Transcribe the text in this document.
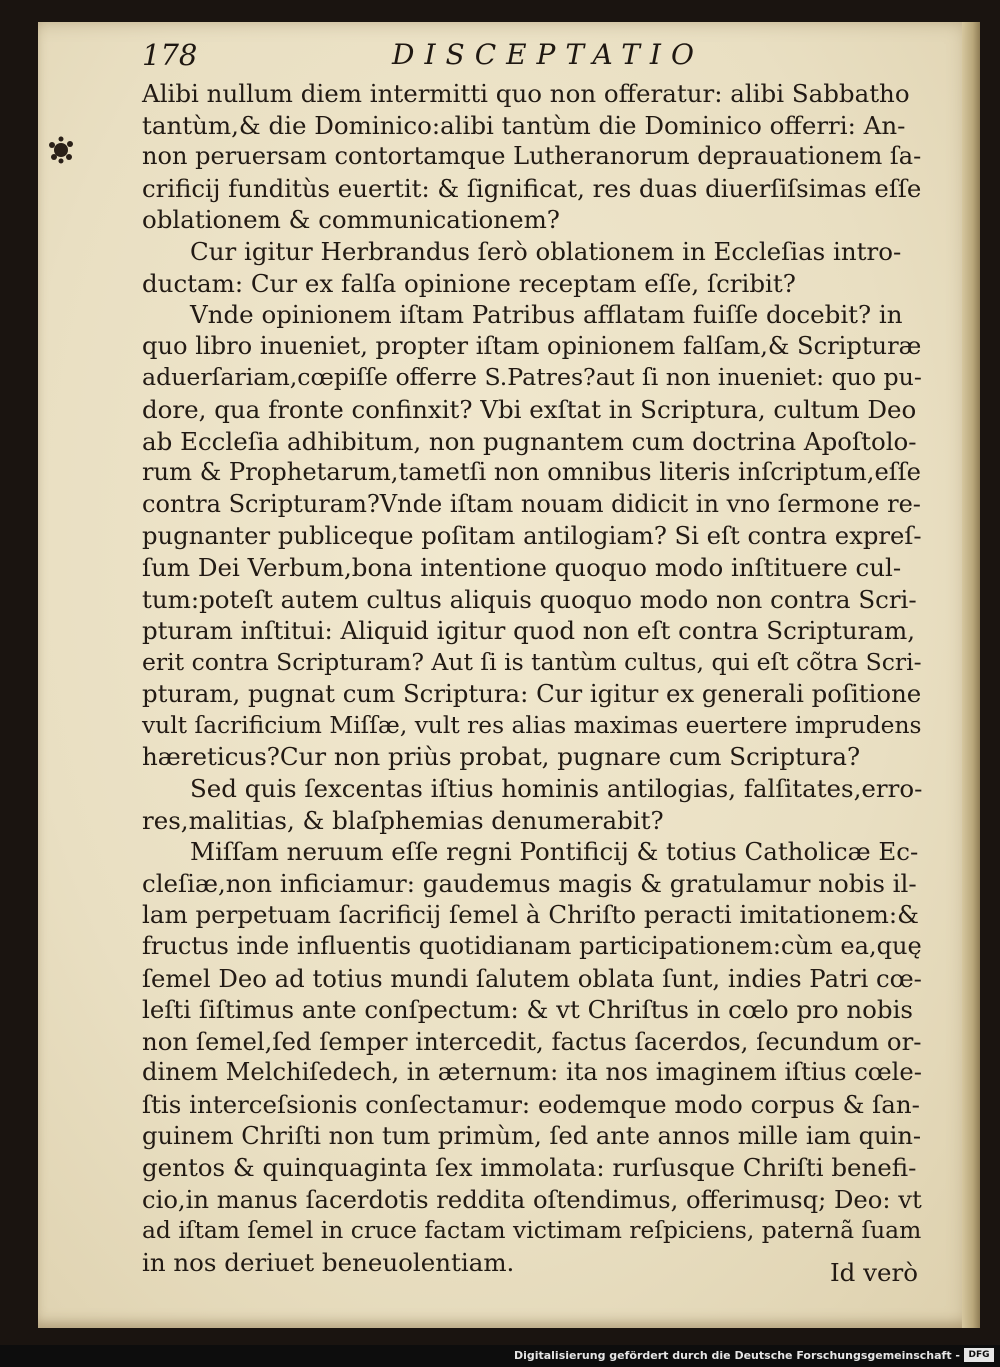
178	DISCEPTATIO
Alibi nullum diem intermitti quo non offeratur: alibi Sabbatho
tantùm,& die Dominico:alibi tantùm die Dominico offerri: An-
non peruersam contortamque Lutheranorum deprauationem ſa-
crificij funditùs euertit: & ſignificat, res duas diuerſiſsimas eſſe
oblationem & communicationem?
Cur igitur Herbrandus ſerò oblationem in Eccleſias intro-
ductam: Cur ex falſa opinione receptam eſſe, ſcribit?
Vnde opinionem iſtam Patribus afflatam fuiſſe docebit? in
quo libro inueniet, propter iſtam opinionem falſam,& Scripturæ
aduerſariam,cœpiſſe offerre S.Patres?aut ſi non inueniet: quo pu-
dore, qua fronte confinxit? Vbi exſtat in Scriptura, cultum Deo
ab Eccleſia adhibitum, non pugnantem cum doctrina Apoſtolo-
rum & Prophetarum,tametſi non omnibus literis inſcriptum,eſſe
contra Scripturam?Vnde iſtam nouam didicit in vno ſermone re-
pugnanter publiceque poſitam antilogiam? Si eſt contra expreſ-
ſum Dei Verbum,bona intentione quoquo modo inſtituere cul-
tum:poteſt autem cultus aliquis quoquo modo non contra Scri-
pturam inſtitui: Aliquid igitur quod non eſt contra Scripturam,
erit contra Scripturam? Aut ſi is tantùm cultus, qui eſt cõtra Scri-
pturam, pugnat cum Scriptura: Cur igitur ex generali poſitione
vult ſacrificium Miſſæ, vult res alias maximas euertere imprudens
hæreticus?Cur non priùs probat, pugnare cum Scriptura?
Sed quis ſexcentas iſtius hominis antilogias, falſitates,erro-
res,malitias, & blaſphemias denumerabit?
Miſſam neruum eſſe regni Pontificij & totius Catholicæ Ec-
cleſiæ,non inficiamur: gaudemus magis & gratulamur nobis il-
lam perpetuam ſacrificij ſemel à Chriſto peracti imitationem:&
fructus inde influentis quotidianam participationem:cùm ea,quę
ſemel Deo ad totius mundi ſalutem oblata ſunt, indies Patri cœ-
leſti ſiſtimus ante conſpectum: & vt Chriſtus in cœlo pro nobis
non ſemel,ſed ſemper intercedit, factus ſacerdos, ſecundum or-
dinem Melchiſedech, in æternum: ita nos imaginem iſtius cœle-
ſtis interceſsionis conſectamur: eodemque modo corpus & ſan-
guinem Chriſti non tum primùm, ſed ante annos mille iam quin-
gentos & quinquaginta ſex immolata: rurſusque Chriſti benefi-
cio,in manus ſacerdotis reddita oſtendimus, offerimusq; Deo: vt
ad iſtam ſemel in cruce factam victimam reſpiciens, paternã ſuam
in nos deriuet beneuolentiam.	Id verò
Digitalisierung gefördert durch die Deutsche Forschungsgemeinschaft - DFG
